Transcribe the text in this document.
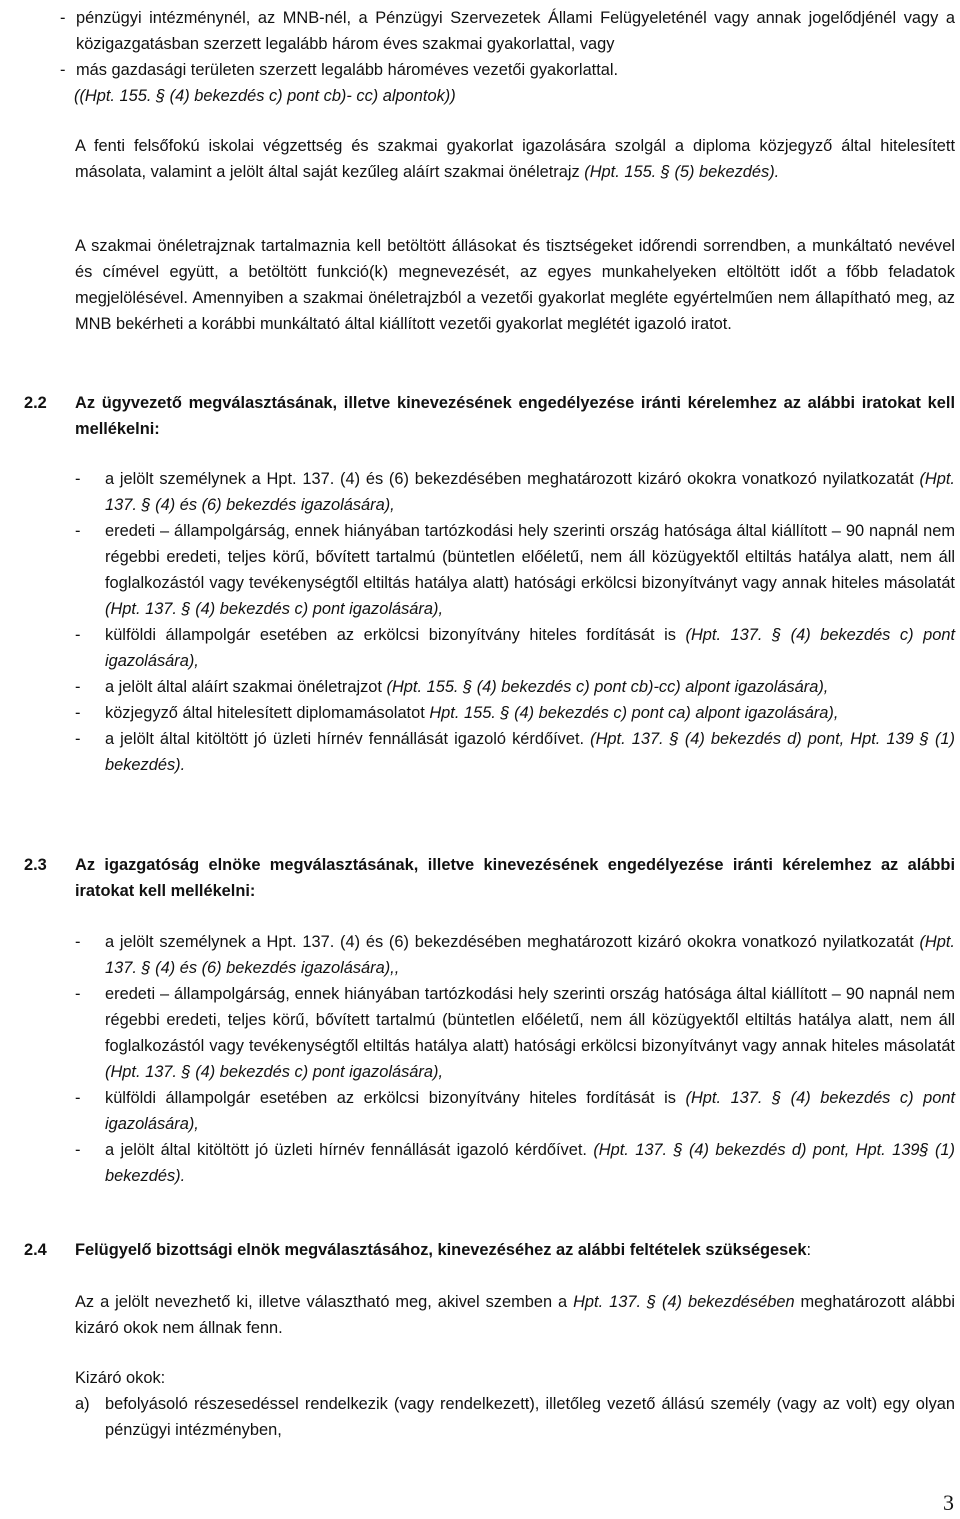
- pénzügyi intézménynél, az MNB-nél, a Pénzügyi Szervezetek Állami Felügyeleténél vagy annak jogelődjénél vagy a közigazgatásban szerzett legalább három éves szakmai gyakorlattal, vagy
- más gazdasági területen szerzett legalább hároméves vezetői gyakorlattal.
((Hpt. 155. § (4) bekezdés c) pont cb)- cc) alpontok))

A fenti felsőfokú iskolai végzettség és szakmai gyakorlat igazolására szolgál a diploma közjegyző által hitelesített másolata, valamint a jelölt által saját kezűleg aláírt szakmai önéletrajz (Hpt. 155. § (5) bekezdés).

A szakmai önéletrajznak tartalmaznia kell betöltött állásokat és tisztségeket időrendi sorrendben, a munkáltató nevével és címével együtt, a betöltött funkció(k) megnevezését, az egyes munkahelyeken eltöltött időt a főbb feladatok megjelölésével. Amennyiben a szakmai önéletrajzból a vezetői gyakorlat megléte egyértelműen nem állapítható meg, az MNB bekérheti a korábbi munkáltató által kiállított vezetői gyakorlat meglétét igazoló iratot.

2.2 Az ügyvezető megválasztásának, illetve kinevezésének engedélyezése iránti kérelemhez az alábbi iratokat kell mellékelni:

- a jelölt személynek a Hpt. 137. (4) és (6) bekezdésében meghatározott kizáró okokra vonatkozó nyilatkozatát (Hpt. 137. § (4) és (6) bekezdés igazolására),
- eredeti – állampolgárság, ennek hiányában tartózkodási hely szerinti ország hatósága által kiállított – 90 napnál nem régebbi eredeti, teljes körű, bővített tartalmú (büntetlen előéletű, nem áll közügyektől eltiltás hatálya alatt, nem áll foglalkozástól vagy tevékenységtől eltiltás hatálya alatt) hatósági erkölcsi bizonyítványt vagy annak hiteles másolatát (Hpt. 137. § (4) bekezdés c) pont igazolására),
- külföldi állampolgár esetében az erkölcsi bizonyítvány hiteles fordítását is (Hpt. 137. § (4) bekezdés c) pont igazolására),
- a jelölt által aláírt szakmai önéletrajzot (Hpt. 155. § (4) bekezdés c) pont cb)-cc) alpont igazolására),
- közjegyző által hitelesített diplomamásolatot Hpt. 155. § (4) bekezdés c) pont ca) alpont igazolására),
- a jelölt által kitöltött jó üzleti hírnév fennállását igazoló kérdőívet. (Hpt. 137. § (4) bekezdés d) pont, Hpt. 139 § (1) bekezdés).
2.3 Az igazgatóság elnöke megválasztásának, illetve kinevezésének engedélyezése iránti kérelemhez az alábbi iratokat kell mellékelni:

- a jelölt személynek a Hpt. 137. (4) és (6) bekezdésében meghatározott kizáró okokra vonatkozó nyilatkozatát (Hpt. 137. § (4) és (6) bekezdés igazolására),,
- eredeti – állampolgárság, ennek hiányában tartózkodási hely szerinti ország hatósága által kiállított – 90 napnál nem régebbi eredeti, teljes körű, bővített tartalmú (büntetlen előéletű, nem áll közügyektől eltiltás hatálya alatt, nem áll foglalkozástól vagy tevékenységtől eltiltás hatálya alatt) hatósági erkölcsi bizonyítványt vagy annak hiteles másolatát (Hpt. 137. § (4) bekezdés c) pont igazolására),
- külföldi állampolgár esetében az erkölcsi bizonyítvány hiteles fordítását is (Hpt. 137. § (4) bekezdés c) pont igazolására),
- a jelölt által kitöltött jó üzleti hírnév fennállását igazoló kérdőívet. (Hpt. 137. § (4) bekezdés d) pont, Hpt. 139§ (1) bekezdés).
2.4 Felügyelő bizottsági elnök megválasztásához, kinevezéséhez az alábbi feltételek szükségesek:

Az a jelölt nevezhető ki, illetve választható meg, akivel szemben a Hpt. 137. § (4) bekezdésében meghatározott alábbi kizáró okok nem állnak fenn.

Kizáró okok:

a) befolyásoló részesedéssel rendelkezik (vagy rendelkezett), illetőleg vezető állású személy (vagy az volt) egy olyan pénzügyi intézményben,
3
